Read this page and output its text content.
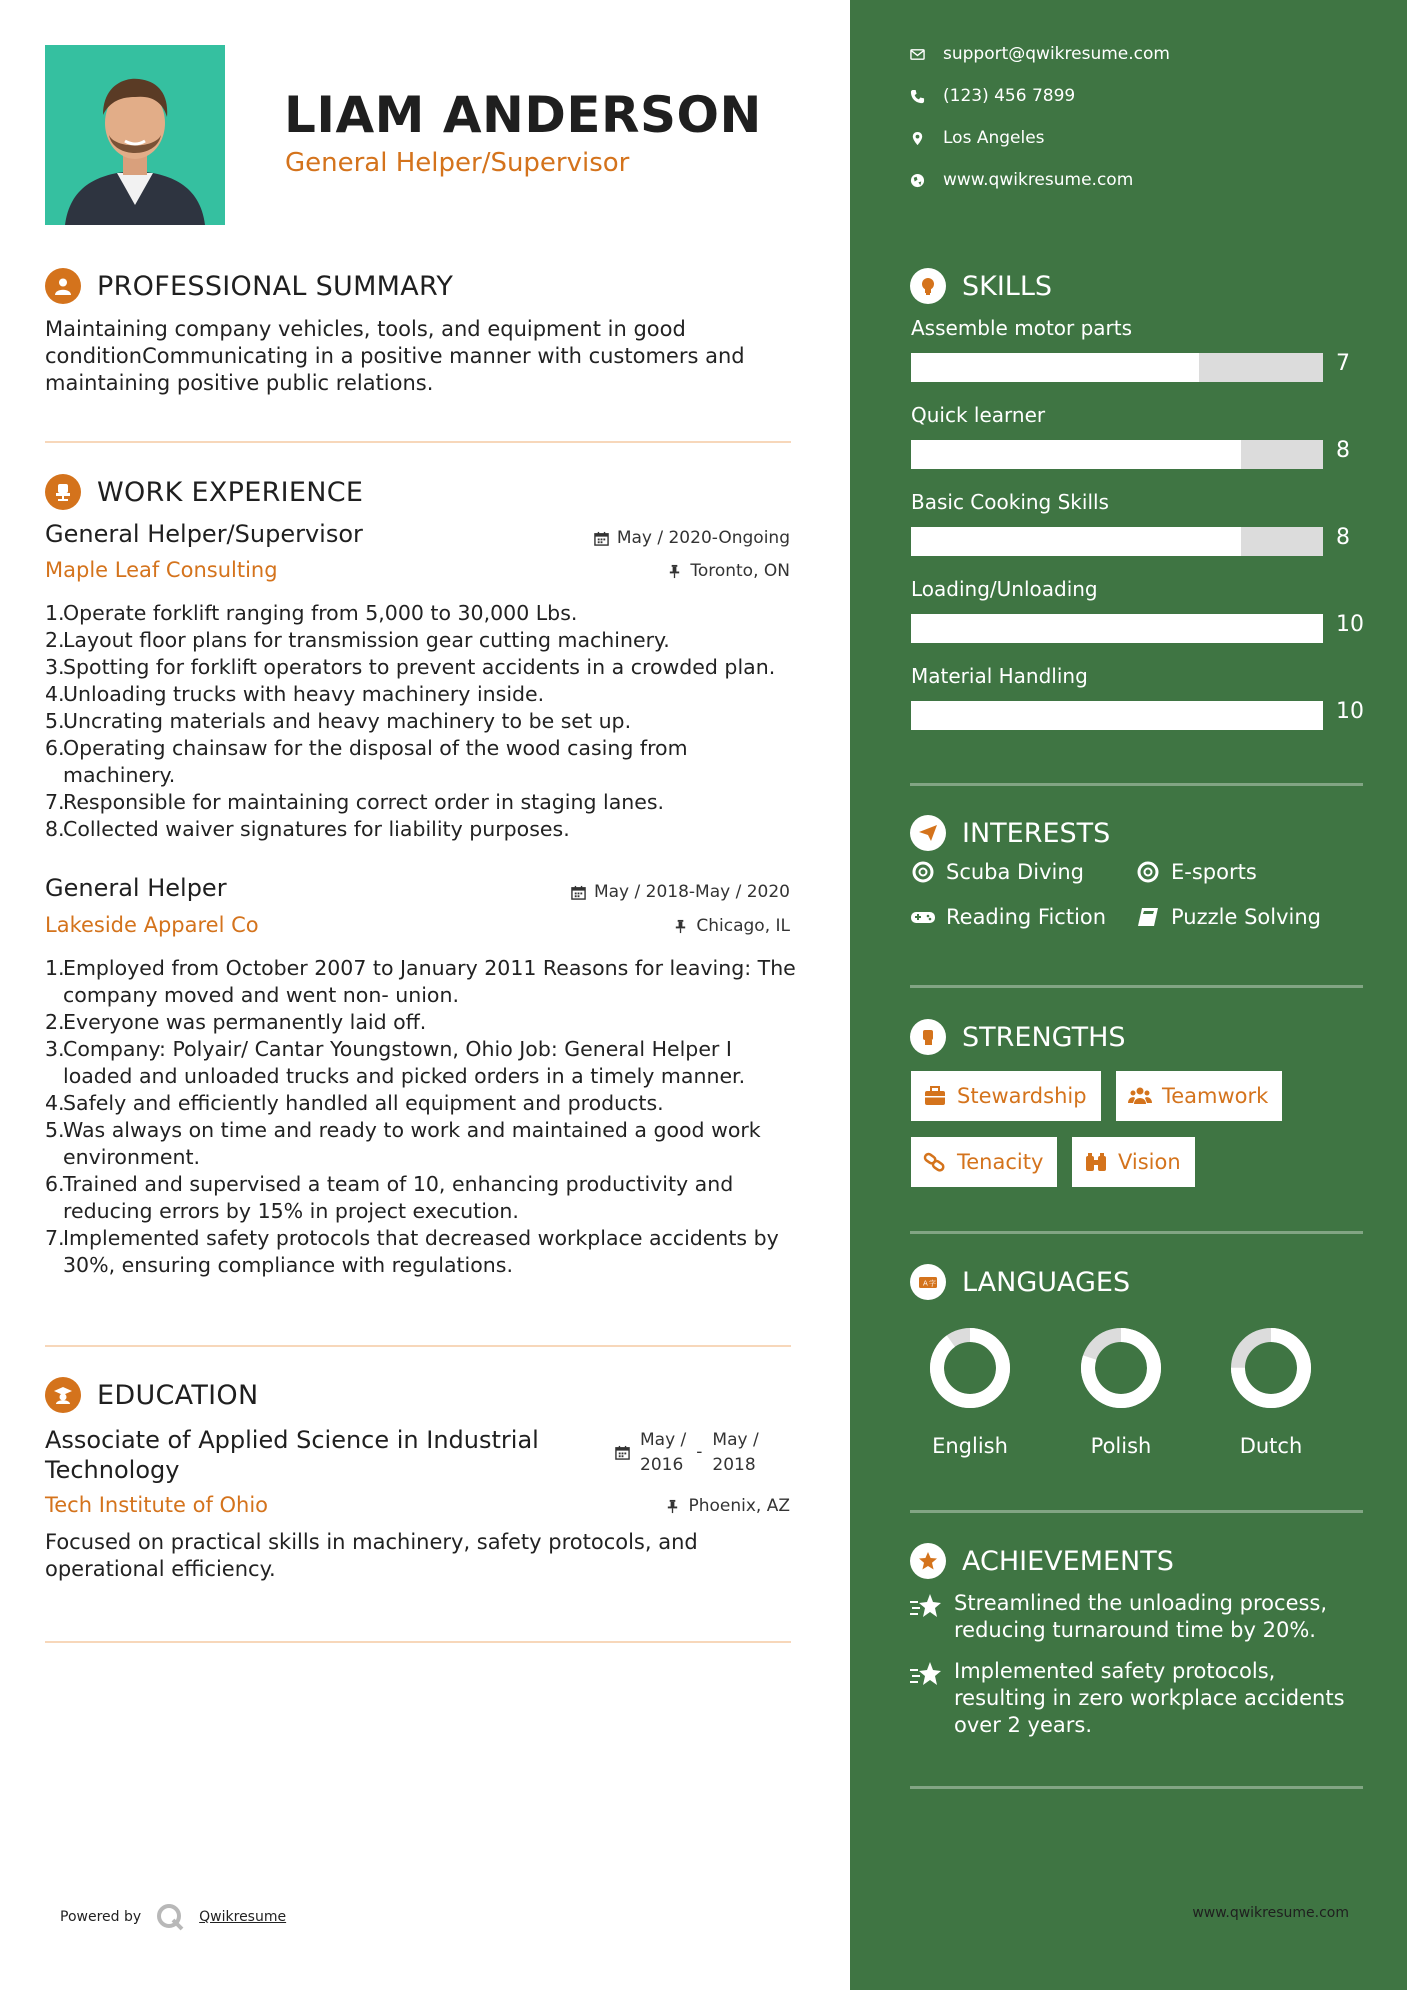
LIAM ANDERSON
General Helper/Supervisor
PROFESSIONAL SUMMARY
Maintaining company vehicles, tools, and equipment in good conditionCommunicating in a positive manner with customers and maintaining positive public relations.
WORK EXPERIENCE
General Helper/Supervisor	May / 2020-Ongoing
Maple Leaf Consulting	Toronto, ON
1.
Operate forklift ranging from 5,000 to 30,000 Lbs.
2.
Layout floor plans for transmission gear cutting machinery.
3.
Spotting for forklift operators to prevent accidents in a crowded plan.
4.
Unloading trucks with heavy machinery inside.
5.
Uncrating materials and heavy machinery to be set up.
6.
Operating chainsaw for the disposal of the wood casing from machinery.
7.
Responsible for maintaining correct order in staging lanes.
8.
Collected waiver signatures for liability purposes.
General Helper	May / 2018-May / 2020
Lakeside Apparel Co	Chicago, IL
1.
Employed from October 2007 to January 2011 Reasons for leaving: The company moved and went non- union.
2.
Everyone was permanently laid off.
3.
Company: Polyair/ Cantar Youngstown, Ohio Job: General Helper I loaded and unloaded trucks and picked orders in a timely manner.
4.
Safely and efficiently handled all equipment and products.
5.
Was always on time and ready to work and maintained a good work environment.
6.
Trained and supervised a team of 10, enhancing productivity and reducing errors by 15% in project execution.
7.
Implemented safety protocols that decreased workplace accidents by 30%, ensuring compliance with regulations.
EDUCATION
Associate of Applied Science in Industrial
Technology
May /
2016
-
May /
2018
Tech Institute of Ohio	Phoenix, AZ
Focused on practical skills in machinery, safety protocols, and operational efficiency.
Powered by	Qwikresume
support@qwikresume.com
(123) 456 7899
Los Angeles
www.qwikresume.com
SKILLS
Assemble motor parts
7
Quick learner
8
Basic Cooking Skills
8
Loading/Unloading
10
Material Handling
10
INTERESTS
Scuba Diving	E-sports
Reading Fiction	Puzzle Solving
STRENGTHS
Stewardship	Teamwork
Tenacity	Vision
A 字 LANGUAGES
English	Polish	Dutch
ACHIEVEMENTS
Streamlined the unloading process,
reducing turnaround time by 20%.
Implemented safety protocols,
resulting in zero workplace accidents
over 2 years.
www.qwikresume.com
